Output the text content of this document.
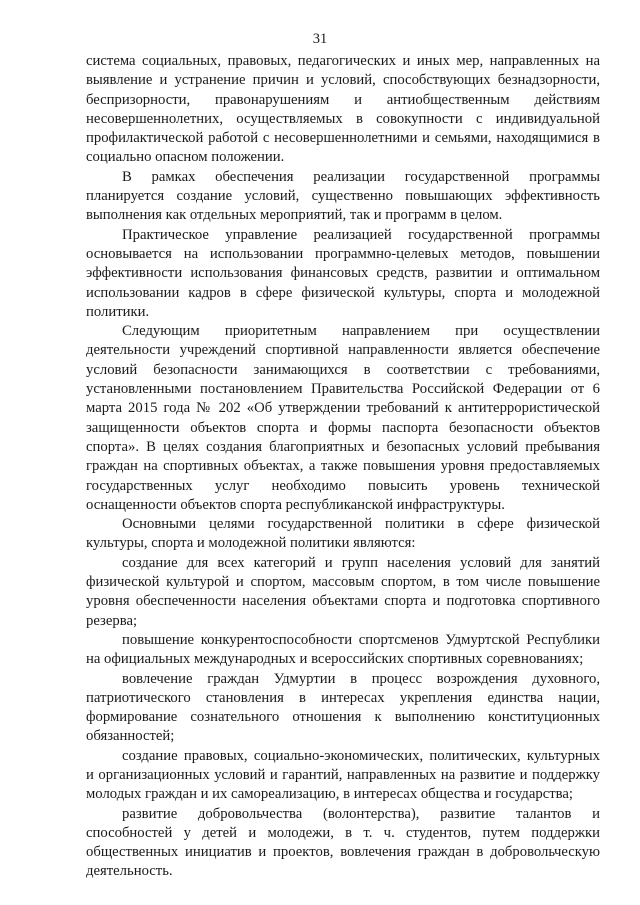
31

система социальных, правовых, педагогических и иных мер, направленных на выявление и устранение причин и условий, способствующих безнадзорности, беспризорности, правонарушениям и антиобщественным действиям несовершеннолетних, осуществляемых в совокупности с индивидуальной профилактической работой с несовершеннолетними и семьями, находящимися в социально опасном положении.

В рамках обеспечения реализации государственной программы планируется создание условий, существенно повышающих эффективность выполнения как отдельных мероприятий, так и программ в целом.

Практическое управление реализацией государственной программы основывается на использовании программно-целевых методов, повышении эффективности использования финансовых средств, развитии и оптимальном использовании кадров в сфере физической культуры, спорта и молодежной политики.

Следующим приоритетным направлением при осуществлении деятельности учреждений спортивной направленности является обеспечение условий безопасности занимающихся в соответствии с требованиями, установленными постановлением Правительства Российской Федерации от 6 марта 2015 года № 202 «Об утверждении требований к антитеррористической защищенности объектов спорта и формы паспорта безопасности объектов спорта». В целях создания благоприятных и безопасных условий пребывания граждан на спортивных объектах, а также повышения уровня предоставляемых государственных услуг необходимо повысить уровень технической оснащенности объектов спорта республиканской инфраструктуры.

Основными целями государственной политики в сфере физической культуры, спорта и молодежной политики являются:

создание для всех категорий и групп населения условий для занятий физической культурой и спортом, массовым спортом, в том числе повышение уровня обеспеченности населения объектами спорта и подготовка спортивного резерва;

повышение конкурентоспособности спортсменов Удмуртской Республики на официальных международных и всероссийских спортивных соревнованиях;

вовлечение граждан Удмуртии в процесс возрождения духовного, патриотического становления в интересах укрепления единства нации, формирование сознательного отношения к выполнению конституционных обязанностей;

создание правовых, социально-экономических, политических, культурных и организационных условий и гарантий, направленных на развитие и поддержку молодых граждан и их самореализацию, в интересах общества и государства;

развитие добровольчества (волонтерства), развитие талантов и способностей у детей и молодежи, в т. ч. студентов, путем поддержки общественных инициатив и проектов, вовлечения граждан в добровольческую деятельность.
